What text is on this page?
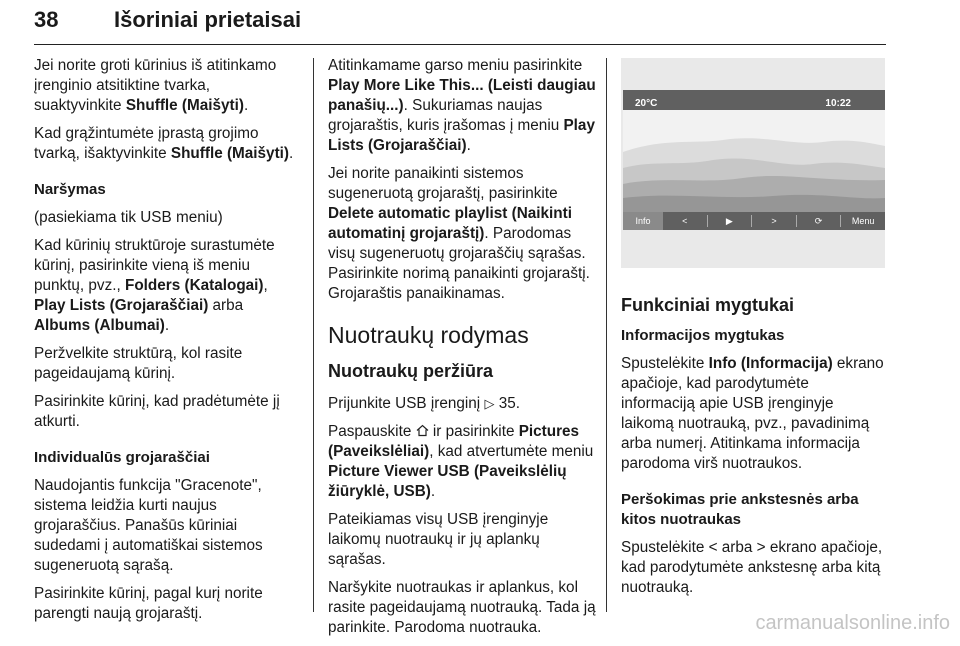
38	Išoriniai prietaisai

Jei norite groti kūrinius iš atitinkamo įrenginio atsitiktine tvarka, suaktyvinkite Shuffle (Maišyti).

Kad grąžintumėte įprastą grojimo tvarką, išaktyvinkite Shuffle (Maišyti).

Naršymas

(pasiekiama tik USB meniu)

Kad kūrinių struktūroje surastumėte kūrinį, pasirinkite vieną iš meniu punktų, pvz., Folders (Katalogai), Play Lists (Grojaraščiai) arba Albums (Albumai).

Peržvelkite struktūrą, kol rasite pageidaujamą kūrinį.

Pasirinkite kūrinį, kad pradėtumėte jį atkurti.

Individualūs grojaraščiai

Naudojantis funkcija "Gracenote", sistema leidžia kurti naujus grojaraščius. Panašūs kūriniai sudedami į automatiškai sistemos sugeneruotą sąrašą.

Pasirinkite kūrinį, pagal kurį norite parengti naują grojaraštį.

Atitinkamame garso meniu pasirinkite Play More Like This... (Leisti daugiau panašių...). Sukuriamas naujas grojaraštis, kuris įrašomas į meniu Play Lists (Grojaraščiai).

Jei norite panaikinti sistemos sugeneruotą grojaraštį, pasirinkite Delete automatic playlist (Naikinti automatinį grojaraštį). Parodomas visų sugeneruotų grojaraščių sąrašas. Pasirinkite norimą panaikinti grojaraštį. Grojaraštis panaikinamas.

Nuotraukų rodymas
Nuotraukų peržiūra

Prijunkite USB įrenginį ▷ 35.

Paspauskite  ir pasirinkite Pictures (Paveikslėliai), kad atvertumėte meniu Picture Viewer USB (Paveikslėlių žiūryklė, USB).

Pateikiamas visų USB įrenginyje laikomų nuotraukų ir jų aplankų sąrašas.

Naršykite nuotraukas ir aplankus, kol rasite pageidaujamą nuotrauką. Tada ją parinkite. Parodoma nuotrauka.

20°C	10:22
Info	<	▶	>	⟳	Menu
Funkciniai mygtukai

Informacijos mygtukas

Spustelėkite Info (Informacija) ekrano apačioje, kad parodytumėte informaciją apie USB įrenginyje laikomą nuotrauką, pvz., pavadinimą arba numerį. Atitinkama informacija parodoma virš nuotraukos.

Peršokimas prie ankstesnės arba kitos nuotraukas

Spustelėkite < arba > ekrano apačioje, kad parodytumėte ankstesnę arba kitą nuotrauką.

carmanualsonline.info
